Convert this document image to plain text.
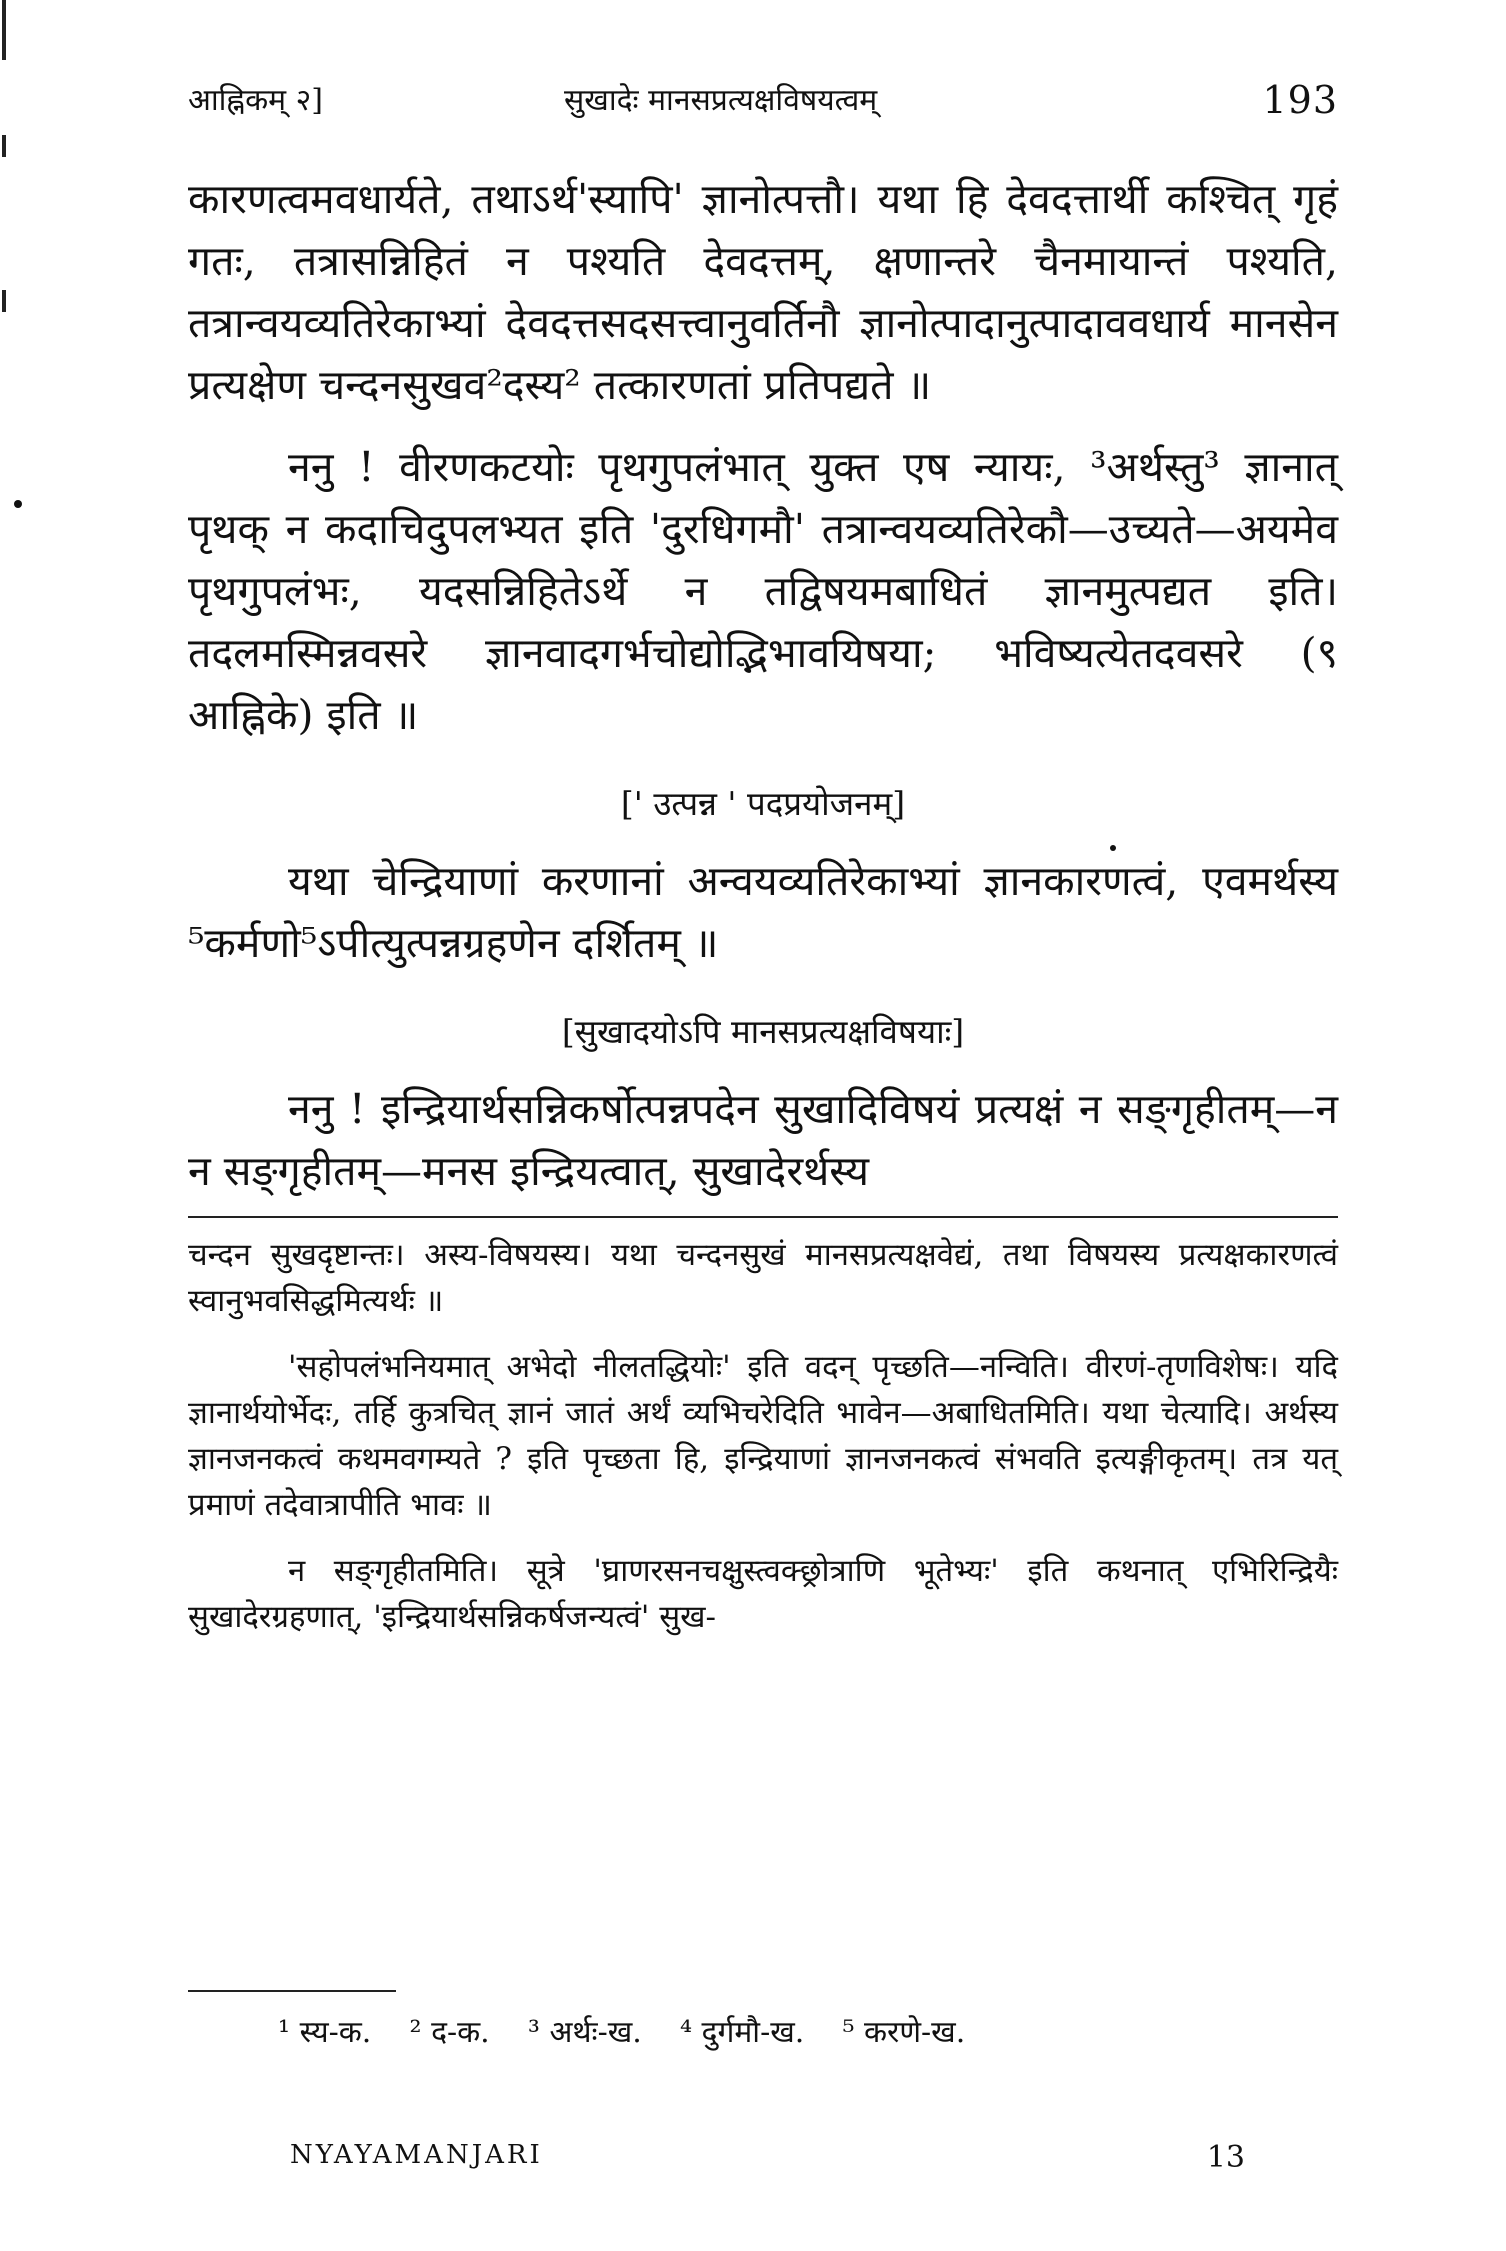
आह्निकम् २]	सुखादेः मानसप्रत्यक्षविषयत्वम्	193

कारणत्वमवधार्यते, तथाऽर्थ'स्यापि' ज्ञानोत्पत्तौ। यथा हि देवदत्तार्थी कश्चित् गृहं गतः, तत्रासन्निहितं न पश्यति देवदत्तम्, क्षणान्तरे चैनमायान्तं पश्यति, तत्रान्वयव्यतिरेकाभ्यां देवदत्तसदसत्त्वानुवर्तिनौ ज्ञानोत्पादानुत्पादाववधार्य मानसेन प्रत्यक्षेण चन्दनसुखव²दस्य² तत्कारणतां प्रतिपद्यते ॥

ननु ! वीरणकटयोः पृथगुपलंभात् युक्त एष न्यायः, ³अर्थस्तु³ ज्ञानात् पृथक् न कदाचिदुपलभ्यत इति 'दुरधिगमौ' तत्रान्वयव्यतिरेकौ—उच्यते—अयमेव पृथगुपलंभः, यदसन्निहितेऽर्थे न तद्विषयमबाधितं ज्ञानमुत्पद्यत इति। तदलमस्मिन्नवसरे ज्ञानवादगर्भचोद्योद्भिभावयिषया; भविष्यत्येतदवसरे (९ आह्निके) इति ॥

[' उत्पन्न ' पदप्रयोजनम्]

यथा चेन्द्रियाणां करणानां अन्वयव्यतिरेकाभ्यां ज्ञानकारणत्वं, एवमर्थस्य ⁵कर्मणो⁵ऽपीत्युत्पन्नग्रहणेन दर्शितम् ॥

[सुखादयोऽपि मानसप्रत्यक्षविषयाः]

ननु ! इन्द्रियार्थसन्निकर्षोत्पन्नपदेन सुखादिविषयं प्रत्यक्षं न सङ्गृहीतम्—न न सङ्गृहीतम्—मनस इन्द्रियत्वात्, सुखादेरर्थस्य

चन्दन सुखदृष्टान्तः। अस्य-विषयस्य। यथा चन्दनसुखं मानसप्रत्यक्षवेद्यं, तथा विषयस्य प्रत्यक्षकारणत्वं स्वानुभवसिद्धमित्यर्थः ॥

'सहोपलंभनियमात् अभेदो नीलतद्धियोः' इति वदन् पृच्छति—नन्विति। वीरणं-तृणविशेषः। यदि ज्ञानार्थयोर्भेदः, तर्हि कुत्रचित् ज्ञानं जातं अर्थं व्यभिचरेदिति भावेन—अबाधितमिति। यथा चेत्यादि। अर्थस्य ज्ञानजनकत्वं कथमवगम्यते ? इति पृच्छता हि, इन्द्रियाणां ज्ञानजनकत्वं संभवति इत्यङ्गीकृतम्। तत्र यत् प्रमाणं तदेवात्रापीति भावः ॥

न सङ्गृहीतमिति। सूत्रे 'घ्राणरसनचक्षुस्त्वक्छ्रोत्राणि भूतेभ्यः' इति कथनात् एभिरिन्द्रियैः सुखादेरग्रहणात्, 'इन्द्रियार्थसन्निकर्षजन्यत्वं' सुख-

¹ स्य-क. ² द-क. ³ अर्थः-ख. ⁴ दुर्गमौ-ख. ⁵ करणे-ख.
NYAYAMANJARI	13
